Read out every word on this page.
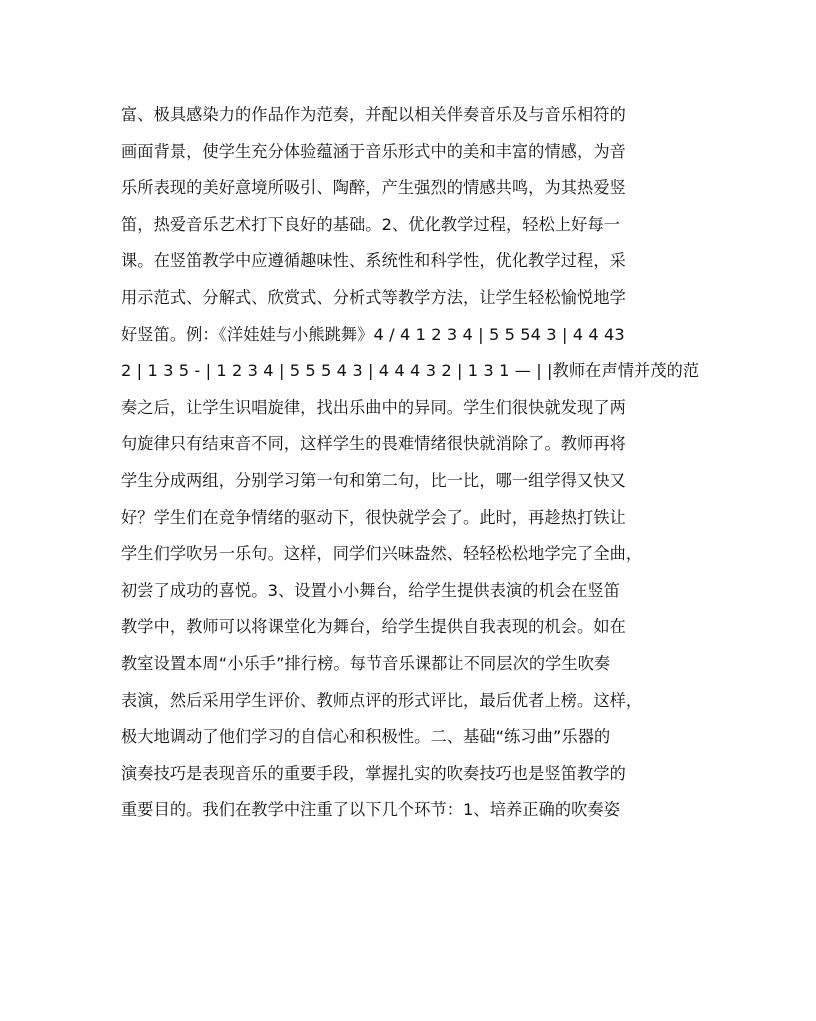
富、极具感染力的作品作为范奏，并配以相关伴奏音乐及与音乐相符的
画面背景，使学生充分体验蕴涵于音乐形式中的美和丰富的情感，为音
乐所表现的美好意境所吸引、陶醉，产生强烈的情感共鸣，为其热爱竖
笛，热爱音乐艺术打下良好的基础。2、优化教学过程，轻松上好每一
课。在竖笛教学中应遵循趣味性、系统性和科学性，优化教学过程，采
用示范式、分解式、欣赏式、分析式等教学方法，让学生轻松愉悦地学
好竖笛。例：《洋娃娃与小熊跳舞》4 / 4 1 2 3 4 | 5 5 54 3 | 4 4 43
2 | 1 3 5 - | 1 2 3 4 | 5 5 5 4 3 | 4 4 4 3 2 | 1 3 1 — | |教师在声情并茂的范
奏之后，让学生识唱旋律，找出乐曲中的异同。学生们很快就发现了两
句旋律只有结束音不同，这样学生的畏难情绪很快就消除了。教师再将
学生分成两组，分别学习第一句和第二句，比一比，哪一组学得又快又
好？学生们在竞争情绪的驱动下，很快就学会了。此时，再趁热打铁让
学生们学吹另一乐句。这样，同学们兴味盎然、轻轻松松地学完了全曲，
初尝了成功的喜悦。3、设置小小舞台，给学生提供表演的机会在竖笛
教学中，教师可以将课堂化为舞台，给学生提供自我表现的机会。如在
教室设置本周“小乐手”排行榜。每节音乐课都让不同层次的学生吹奏
表演，然后采用学生评价、教师点评的形式评比，最后优者上榜。这样，
极大地调动了他们学习的自信心和积极性。二、基础“练习曲”乐器的
演奏技巧是表现音乐的重要手段，掌握扎实的吹奏技巧也是竖笛教学的
重要目的。我们在教学中注重了以下几个环节：1、培养正确的吹奏姿
